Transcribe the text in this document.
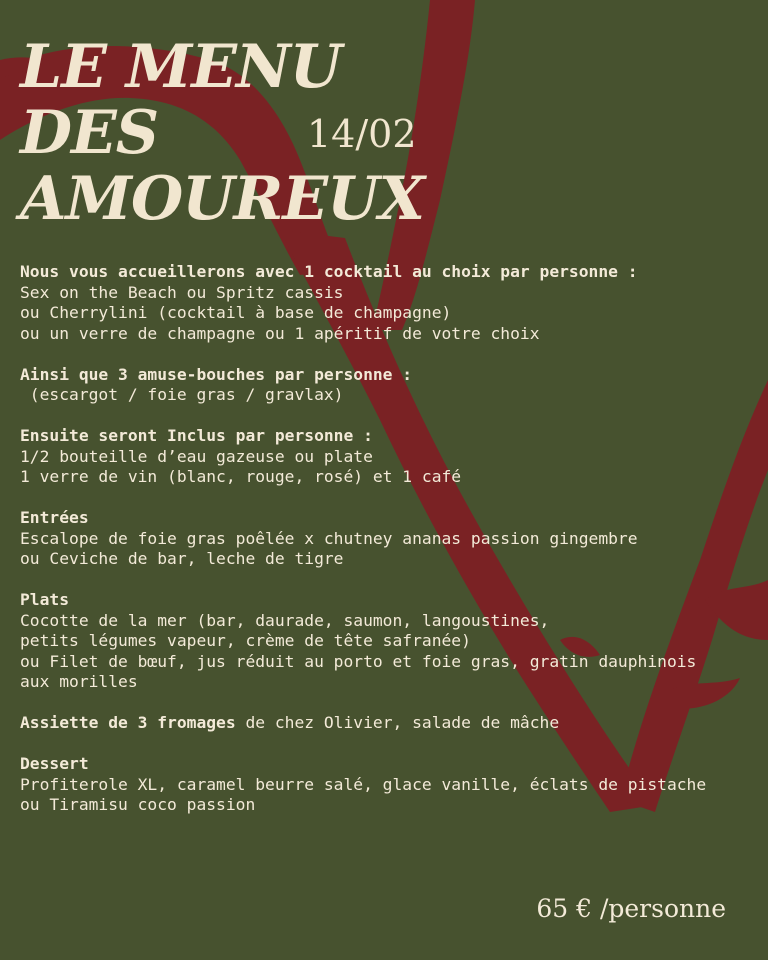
LE MENU
DES
AMOUREUX
14/02
Nous vous accueillerons avec 1 cocktail au choix par personne :
Sex on the Beach ou Spritz cassis
ou Cherrylini (cocktail à base de champagne)
ou un verre de champagne ou 1 apéritif de votre choix
Ainsi que 3 amuse-bouches par personne :
(escargot / foie gras / gravlax)
Ensuite seront Inclus par personne :
1/2 bouteille d’eau gazeuse ou plate
1 verre de vin (blanc, rouge, rosé) et 1 café
Entrées
Escalope de foie gras poêlée x chutney ananas passion gingembre
ou Ceviche de bar, leche de tigre
Plats
Cocotte de la mer (bar, daurade, saumon, langoustines,
petits légumes vapeur, crème de tête safranée)
ou Filet de bœuf, jus réduit au porto et foie gras, gratin dauphinois
aux morilles
Assiette de 3 fromages de chez Olivier, salade de mâche
Dessert
Profiterole XL, caramel beurre salé, glace vanille, éclats de pistache
ou Tiramisu coco passion
65 € /personne
